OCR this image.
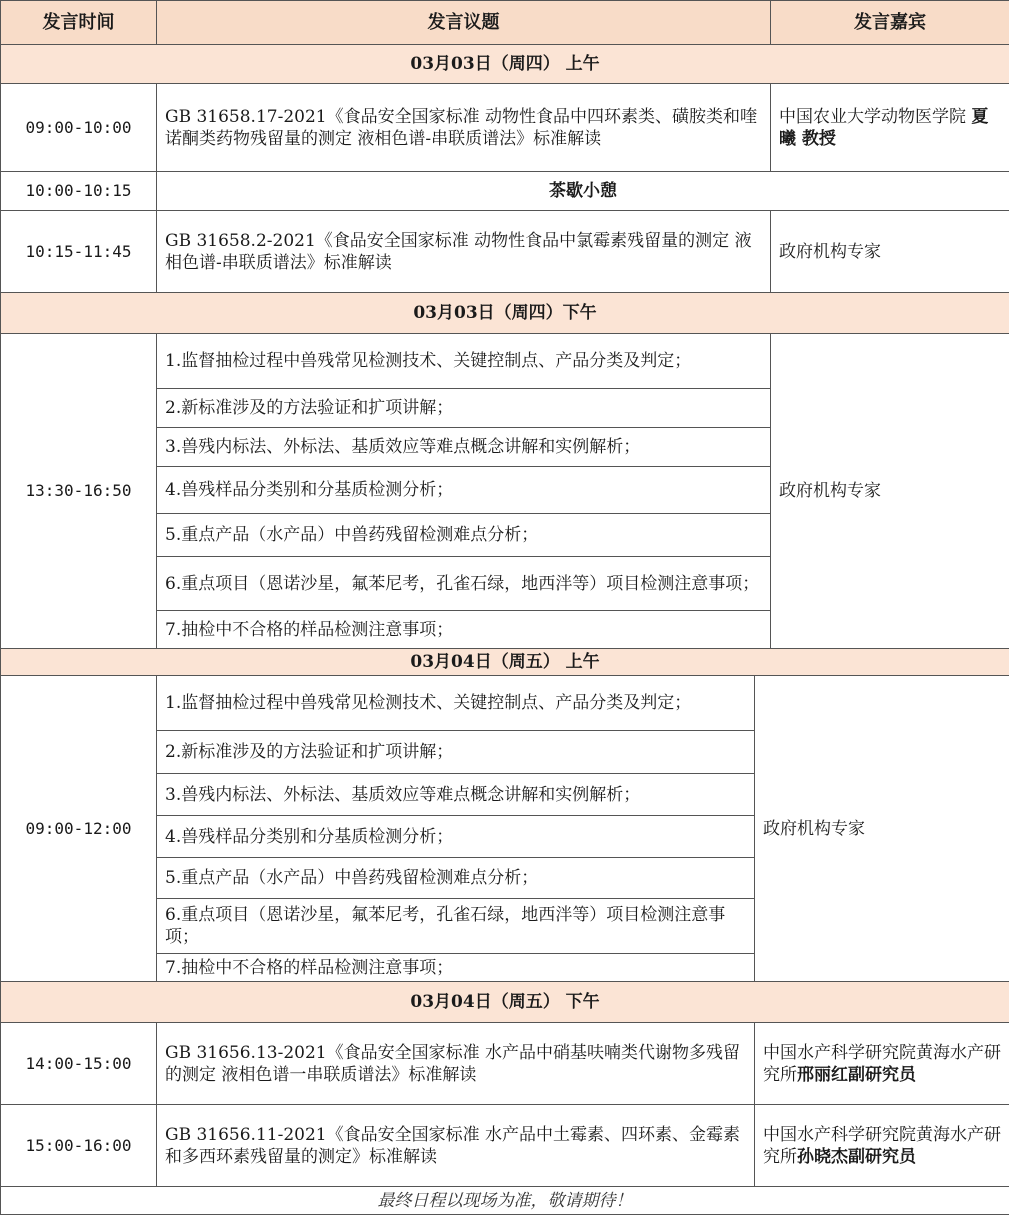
发言时间	发言议题		发言嘉宾
03月03日（周四） 上午			
09:00-10:00	GB 31658.17-2021《食品安全国家标准 动物性食品中四环素类、磺胺类和喹诺酮类药物残留量的测定 液相色谱-串联质谱法》标准解读		中国农业大学动物医学院 夏曦 教授
10:00-10:15	茶歇小憩		
10:15-11:45	GB 31658.2-2021《食品安全国家标准 动物性食品中氯霉素残留量的测定 液相色谱-串联质谱法》标准解读		政府机构专家
03月03日（周四）下午			
13:30-16:50	1.监督抽检过程中兽残常见检测技术、关键控制点、产品分类及判定；		政府机构专家
	2.新标准涉及的方法验证和扩项讲解；		
	3.兽残内标法、外标法、基质效应等难点概念讲解和实例解析；		
	4.兽残样品分类别和分基质检测分析；		
	5.重点产品（水产品）中兽药残留检测难点分析；		
	6.重点项目（恩诺沙星，氟苯尼考，孔雀石绿，地西泮等）项目检测注意事项；		
	7.抽检中不合格的样品检测注意事项；		
03月04日（周五） 上午			
09:00-12:00	1.监督抽检过程中兽残常见检测技术、关键控制点、产品分类及判定；	政府机构专家	
	2.新标准涉及的方法验证和扩项讲解；		
	3.兽残内标法、外标法、基质效应等难点概念讲解和实例解析；		
	4.兽残样品分类别和分基质检测分析；		
	5.重点产品（水产品）中兽药残留检测难点分析；		
	6.重点项目（恩诺沙星，氟苯尼考，孔雀石绿，地西泮等）项目检测注意事项；		
	7.抽检中不合格的样品检测注意事项；		
03月04日（周五） 下午			
14:00-15:00	GB 31656.13-2021《食品安全国家标准 水产品中硝基呋喃类代谢物多残留的测定 液相色谱一串联质谱法》标准解读	中国水产科学研究院黄海水产研究所邢丽红副研究员	
15:00-16:00	GB 31656.11-2021《食品安全国家标准 水产品中土霉素、四环素、金霉素和多西环素残留量的测定》标准解读	中国水产科学研究院黄海水产研究所孙晓杰副研究员	
最终日程以现场为准，敬请期待！			
